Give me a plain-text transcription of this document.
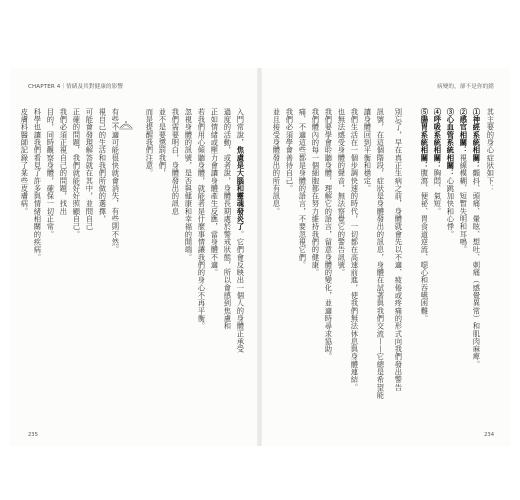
CHAPTER 4｜情緒及其對健康的影響
入門常說，焦慮是大腦和靈魂發炎了。它們會反映出一個人的身體正承受
過度的活動，或者說，身體長期處於警戒狀態，所以會感到焦慮和
正如情緒或壓力會讓身體產生反應，當身體不適。
若我們用心傾聽身體，就能者是什麼事情讓我們的身心不再平衡。
忽視身體的訊號，是否與健康和幸福的開端。
我們需要明白，身體發出的訊息
並不是要懲罰我們，
而是提醒我們注意。
有些不適可能很快就會消失，有些則不然。
視自己的生活和我們所做的選擇，
可能會發現解答就在其中，並問自己
正確的問題，我們就能好好照顧自己。
我們必須正視自己的問題，找出
目的，同時觀察身體，確保一切正常。
科學也讓我們看見了許多與情緒相關的疾病。
皮膚科醫師記錄了某些皮膚病。
235
病變的，卻不是你的錯
其主要的身心症狀如下：
①神經系統相關：顫抖、頭痛、暈眩、想吐、刺痛（感覺異常）和肌肉麻痺。
②感官相關：視線模糊、短暫失明和耳鳴。
③心血管系統相關：心跳加快和心悸。
④呼吸系統相關：胸悶、氣短。
⑤腸胃系統相關：腹瀉、便祕、胃食道逆流、噁心和吞嚥困難。
別忘了，早在真正生病之前，身體就會先以不適、疲倦或疼痛的形式向我們發出警告
訊號，在這個階段，症狀是身體發出的訊息，身體在試著與我們交流——它總是希望能
讓身體回到平衡和穩定。
我們生活在一個步調快速的時代，一切都在高速前進，使我們無法休息與身體連結。
也無法感受身體的聲音，無法察覺它的警告訊號。
我們要學會聆聽身體，理解它的語言，留意身體的變化，並適時尋求協助。
我們體內的每一個細胞都在努力維持我們的健康。
痛、不適這些都是身體的語言，不要忽視它們。
我們必須學會善待自己。
並且接受身體發出的所有訊息。
234
